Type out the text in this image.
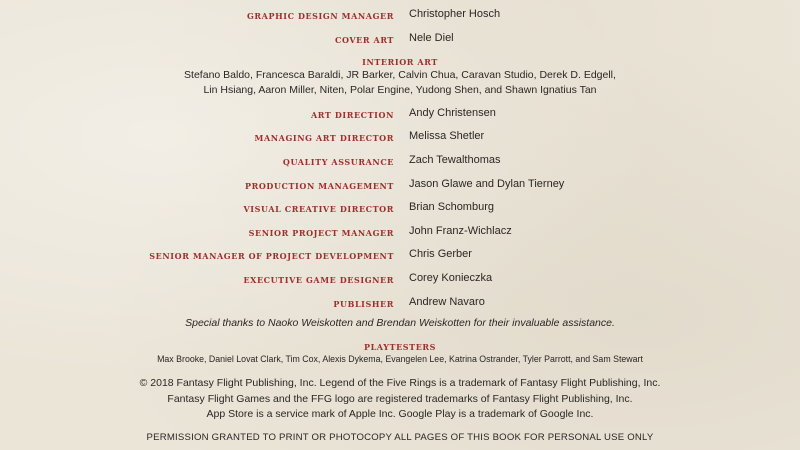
GRAPHIC DESIGN MANAGER Christopher Hosch
COVER ART Nele Diel
INTERIOR ART
Stefano Baldo, Francesca Baraldi, JR Barker, Calvin Chua, Caravan Studio, Derek D. Edgell,
Lin Hsiang, Aaron Miller, Niten, Polar Engine, Yudong Shen, and Shawn Ignatius Tan
ART DIRECTION Andy Christensen
MANAGING ART DIRECTOR Melissa Shetler
QUALITY ASSURANCE Zach Tewalthomas
PRODUCTION MANAGEMENT Jason Glawe and Dylan Tierney
VISUAL CREATIVE DIRECTOR Brian Schomburg
SENIOR PROJECT MANAGER John Franz-Wichlacz
SENIOR MANAGER OF PROJECT DEVELOPMENT Chris Gerber
EXECUTIVE GAME DESIGNER Corey Konieczka
PUBLISHER Andrew Navaro
Special thanks to Naoko Weiskotten and Brendan Weiskotten for their invaluable assistance.
PLAYTESTERS
Max Brooke, Daniel Lovat Clark, Tim Cox, Alexis Dykema, Evangelen Lee, Katrina Ostrander, Tyler Parrott, and Sam Stewart
© 2018 Fantasy Flight Publishing, Inc. Legend of the Five Rings is a trademark of Fantasy Flight Publishing, Inc.
Fantasy Flight Games and the FFG logo are registered trademarks of Fantasy Flight Publishing, Inc.
App Store is a service mark of Apple Inc. Google Play is a trademark of Google Inc.
PERMISSION GRANTED TO PRINT OR PHOTOCOPY ALL PAGES OF THIS BOOK FOR PERSONAL USE ONLY
